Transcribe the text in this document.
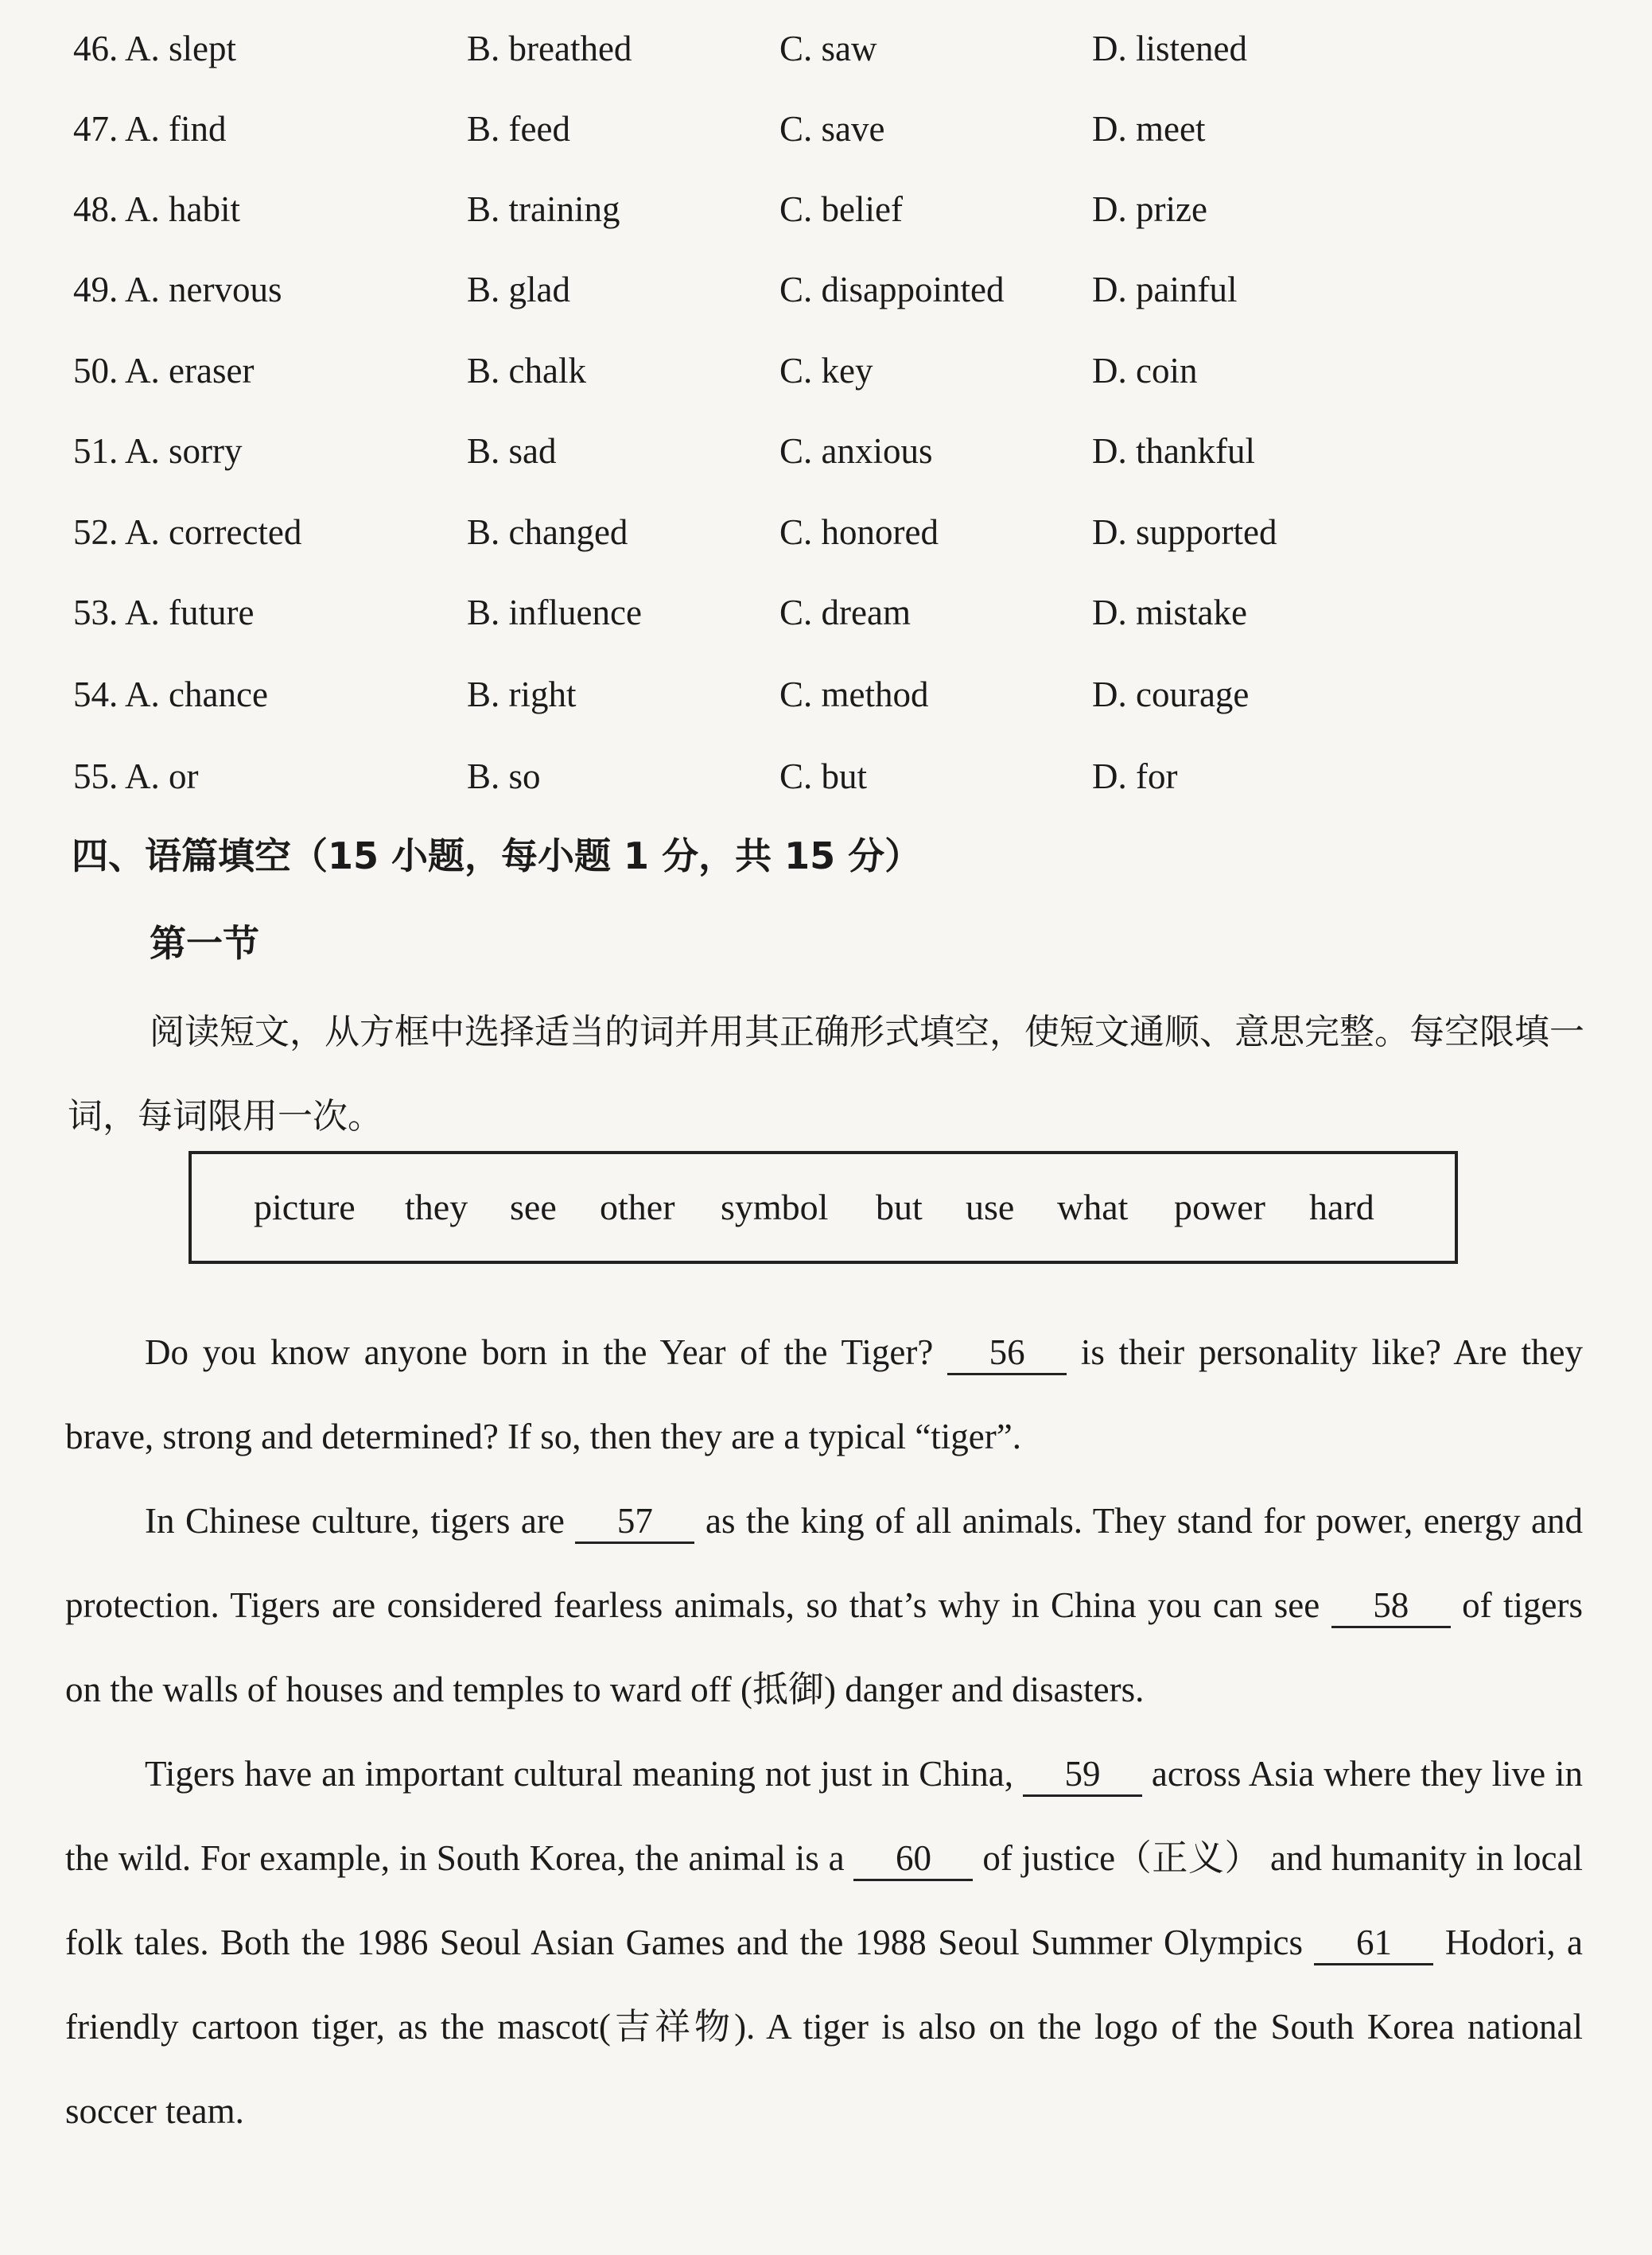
46. A. slept	B. breathed	C. saw	D. listened
47. A. find	B. feed	C. save	D. meet
48. A. habit	B. training	C. belief	D. prize
49. A. nervous	B. glad	C. disappointed D. painful
50. A. eraser	B. chalk	C. key	D. coin
51. A. sorry	B. sad	C. anxious	D. thankful
52. A. corrected	B. changed	C. honored	D. supported
53. A. future	B. influence	C. dream	D. mistake
54. A. chance	B. right	C. method	D. courage
55. A. or	B. so	C. but	D. for
四、语篇填空（15 小题，每小题 1 分，共 15 分）
第一节
阅读短文，从方框中选择适当的词并用其正确形式填空，使短文通顺、意思完整。每空限填一词，每词限用一次。
picture they see other symbol but use what power hard

Do you know anyone born in the Year of the Tiger? 56 is their personality like? Are they brave, strong and determined? If so, then they are a typical “tiger”.

In Chinese culture, tigers are 57 as the king of all animals. They stand for power, energy and protection. Tigers are considered fearless animals, so that’s why in China you can see 58 of tigers on the walls of houses and temples to ward off (抵御) danger and disasters.

Tigers have an important cultural meaning not just in China, 59 across Asia where they live in the wild. For example, in South Korea, the animal is a 60 of justice（正义） and humanity in local folk tales. Both the 1986 Seoul Asian Games and the 1988 Seoul Summer Olympics 61 Hodori, a friendly cartoon tiger, as the mascot(吉祥物). A tiger is also on the logo of the South Korea national soccer team.
